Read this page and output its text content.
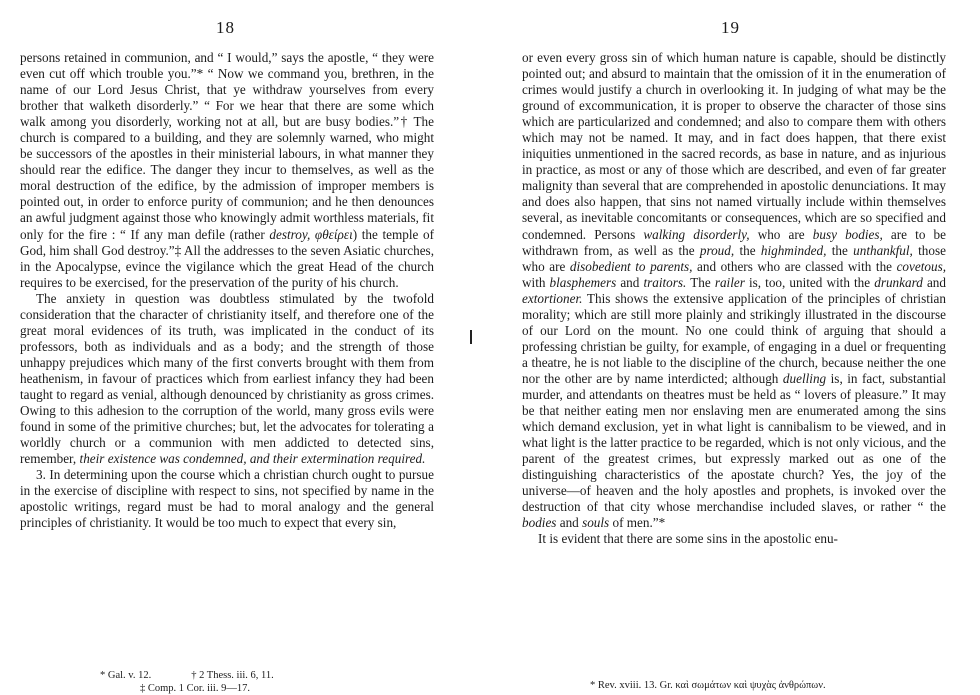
18

persons retained in communion, and “ I would,” says the apostle, “ they were even cut off which trouble you.”* “ Now we command you, brethren, in the name of our Lord Jesus Christ, that ye withdraw yourselves from every brother that walketh disorderly.” “ For we hear that there are some which walk among you disorderly, working not at all, but are busy bodies.”† The church is compared to a building, and they are solemnly warned, who might be successors of the apostles in their ministerial labours, in what manner they should rear the edifice. The danger they incur to themselves, as well as the moral destruction of the edifice, by the admission of improper members is pointed out, in order to enforce purity of communion; and he then denounces an awful judgment against those who knowingly admit worthless materials, fit only for the fire : “ If any man defile (rather destroy, φθείρει) the temple of God, him shall God destroy.”‡ All the addresses to the seven Asiatic churches, in the Apocalypse, evince the vigilance which the great Head of the church requires to be exercised, for the preservation of the purity of his church.

The anxiety in question was doubtless stimulated by the twofold consideration that the character of christianity itself, and therefore one of the great moral evidences of its truth, was implicated in the conduct of its professors, both as individuals and as a body; and the strength of those unhappy prejudices which many of the first converts brought with them from heathenism, in favour of practices which from earliest infancy they had been taught to regard as venial, although denounced by christianity as gross crimes. Owing to this adhesion to the corruption of the world, many gross evils were found in some of the primitive churches; but, let the advocates for tolerating a worldly church or a communion with men addicted to detected sins, remember, their existence was condemned, and their extermination required.

3. In determining upon the course which a christian church ought to pursue in the exercise of discipline with respect to sins, not specified by name in the apostolic writings, regard must be had to moral analogy and the general principles of christianity. It would be too much to expect that every sin,

* Gal. v. 12.	† 2 Thess. iii. 6, 11.
‡ Comp. 1 Cor. iii. 9—17.
19

or even every gross sin of which human nature is capable, should be distinctly pointed out; and absurd to maintain that the omission of it in the enumeration of crimes would justify a church in overlooking it. In judging of what may be the ground of excommunication, it is proper to observe the character of those sins which are particularized and condemned; and also to compare them with others which may not be named. It may, and in fact does happen, that there exist iniquities unmentioned in the sacred records, as base in nature, and as injurious in practice, as most or any of those which are described, and even of far greater malignity than several that are comprehended in apostolic denunciations. It may and does also happen, that sins not named virtually include within themselves several, as inevitable concomitants or consequences, which are so specified and condemned. Persons walking disorderly, who are busy bodies, are to be withdrawn from, as well as the proud, the highminded, the unthankful, those who are disobedient to parents, and others who are classed with the covetous, with blasphemers and traitors. The railer is, too, united with the drunkard and extortioner. This shows the extensive application of the principles of christian morality; which are still more plainly and strikingly illustrated in the discourse of our Lord on the mount. No one could think of arguing that should a professing christian be guilty, for example, of engaging in a duel or frequenting a theatre, he is not liable to the discipline of the church, because neither the one nor the other are by name interdicted; although duelling is, in fact, substantial murder, and attendants on theatres must be held as “ lovers of pleasure.” It may be that neither eating men nor enslaving men are enumerated among the sins which demand exclusion, yet in what light is cannibalism to be viewed, and in what light is the latter practice to be regarded, which is not only vicious, and the parent of the greatest crimes, but expressly marked out as one of the distinguishing characteristics of the apostate church? Yes, the joy of the universe—of heaven and the holy apostles and prophets, is invoked over the destruction of that city whose merchandise included slaves, or rather “ the bodies and souls of men.”*

It is evident that there are some sins in the apostolic enu-

* Rev. xviii. 13. Gr. καὶ σωμάτων καὶ ψυχὰς ἀνθρώπων.
